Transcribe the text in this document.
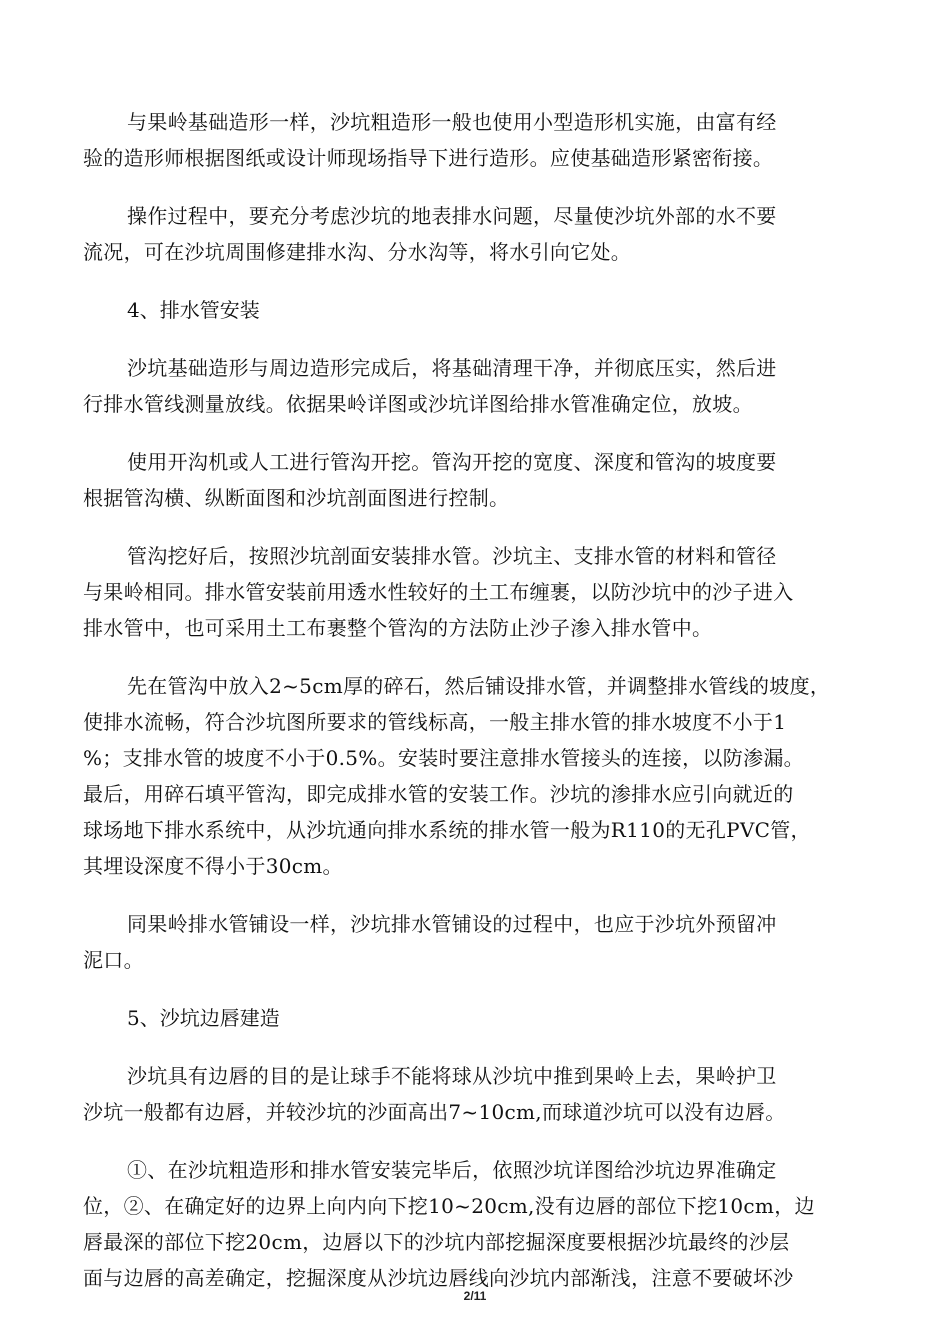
与果岭基础造形一样，沙坑粗造形一般也使用小型造形机实施，由富有经
验的造形师根据图纸或设计师现场指导下进行造形。应使基础造形紧密衔接。
操作过程中，要充分考虑沙坑的地表排水问题，尽量使沙坑外部的水不要
流况，可在沙坑周围修建排水沟、分水沟等，将水引向它处。
4、排水管安装
沙坑基础造形与周边造形完成后，将基础清理干净，并彻底压实，然后进
行排水管线测量放线。依据果岭详图或沙坑详图给排水管准确定位，放坡。
使用开沟机或人工进行管沟开挖。管沟开挖的宽度、深度和管沟的坡度要
根据管沟横、纵断面图和沙坑剖面图进行控制。
管沟挖好后，按照沙坑剖面安装排水管。沙坑主、支排水管的材料和管径
与果岭相同。排水管安装前用透水性较好的土工布缠裹，以防沙坑中的沙子进入
排水管中，也可采用土工布裹整个管沟的方法防止沙子渗入排水管中。
先在管沟中放入2~5cm厚的碎石，然后铺设排水管，并调整排水管线的坡度，
使排水流畅，符合沙坑图所要求的管线标高，一般主排水管的排水坡度不小于1
%；支排水管的坡度不小于0.5%。安装时要注意排水管接头的连接，以防渗漏。
最后，用碎石填平管沟，即完成排水管的安装工作。沙坑的渗排水应引向就近的
球场地下排水系统中，从沙坑通向排水系统的排水管一般为R110的无孔PVC管，
其埋设深度不得小于30cm。
同果岭排水管铺设一样，沙坑排水管铺设的过程中，也应于沙坑外预留冲
泥口。
5、沙坑边唇建造
沙坑具有边唇的目的是让球手不能将球从沙坑中推到果岭上去，果岭护卫
沙坑一般都有边唇，并较沙坑的沙面高出7~10cm,而球道沙坑可以没有边唇。
①、在沙坑粗造形和排水管安装完毕后，依照沙坑详图给沙坑边界准确定
位，②、在确定好的边界上向内向下挖10~20cm,没有边唇的部位下挖10cm，边
唇最深的部位下挖20cm，边唇以下的沙坑内部挖掘深度要根据沙坑最终的沙层
面与边唇的高差确定，挖掘深度从沙坑边唇线向沙坑内部渐浅，注意不要破坏沙
2/11
